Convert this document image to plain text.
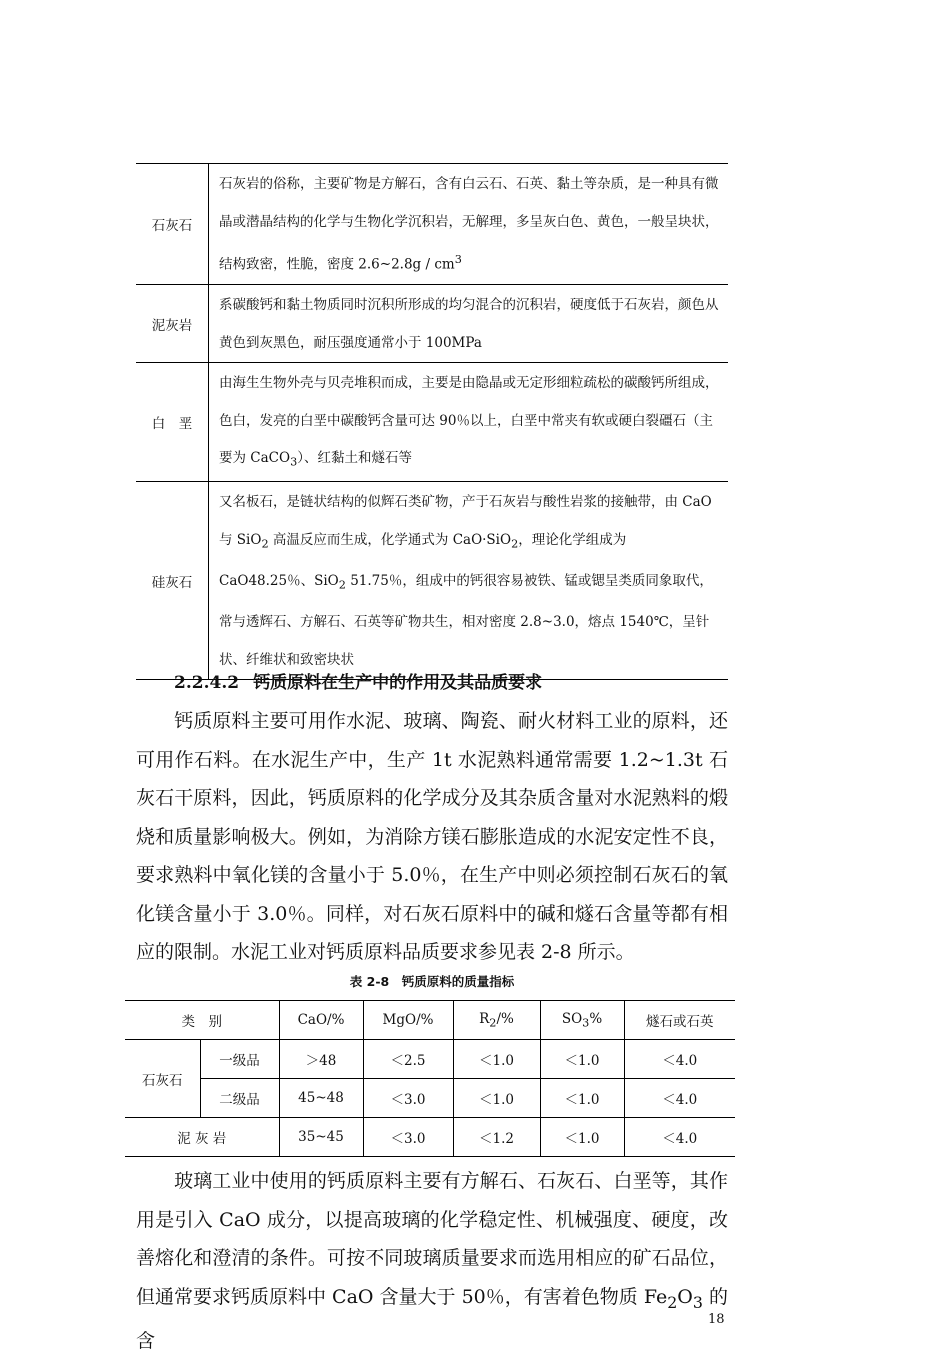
石灰石	石灰岩的俗称，主要矿物是方解石，含有白云石、石英、黏土等杂质，是一种具有微晶或潜晶结构的化学与生物化学沉积岩，无解理，多呈灰白色、黄色，一般呈块状，结构致密，性脆，密度 2.6~2.8g / $cm^3$
泥灰岩	系碳酸钙和黏土物质同时沉积所形成的均匀混合的沉积岩，硬度低于石灰岩，颜色从黄色到灰黑色，耐压强度通常小于 100MPa
白　垩	由海生生物外壳与贝壳堆积而成，主要是由隐晶或无定形细粒疏松的碳酸钙所组成，色白，发亮的白垩中碳酸钙含量可达 90％以上，白垩中常夹有软或硬白裂礓石（主要为 CaCO$_3$）、红黏土和燧石等
硅灰石	又名板石，是链状结构的似辉石类矿物，产于石灰岩与酸性岩浆的接触带，由 CaO 与 SiO$_2$ 高温反应而生成，化学通式为 CaO·SiO$_2$，理论化学组成为 CaO48.25％、SiO$_2$ 51.75％，组成中的钙很容易被铁、锰或锶呈类质同象取代，常与透辉石、方解石、石英等矿物共生，相对密度 2.8~3.0，熔点 1540℃，呈针状、纤维状和致密块状
2.2.4.2 钙质原料在生产中的作用及其品质要求

钙质原料主要可用作水泥、玻璃、陶瓷、耐火材料工业的原料，还可用作石料。在水泥生产中，生产 1t 水泥熟料通常需要 1.2~1.3t 石灰石干原料，因此，钙质原料的化学成分及其杂质含量对水泥熟料的煅烧和质量影响极大。例如，为消除方镁石膨胀造成的水泥安定性不良，要求熟料中氧化镁的含量小于 5.0％，在生产中则必须控制石灰石的氧化镁含量小于 3.0％。同样，对石灰石原料中的碱和燧石含量等都有相应的限制。水泥工业对钙质原料品质要求参见表 2-8 所示。

表 2-8　钙质原料的质量指标
类　别		CaO/%	MgO/%	$R_2/\%$	$SO_3\%$	燧石或石英
石灰石	一级品	＞48	＜2.5	＜1.0	＜1.0	＜4.0
	二级品	45~48	＜3.0	＜1.0	＜1.0	＜4.0
泥 灰 岩		35~45	＜3.0	＜1.2	＜1.0	＜4.0

玻璃工业中使用的钙质原料主要有方解石、石灰石、白垩等，其作用是引入 CaO 成分，以提高玻璃的化学稳定性、机械强度、硬度，改善熔化和澄清的条件。可按不同玻璃质量要求而选用相应的矿石品位，但通常要求钙质原料中 CaO 含量大于 50％，有害着色物质 $Fe_2O_3$ 的含

18
